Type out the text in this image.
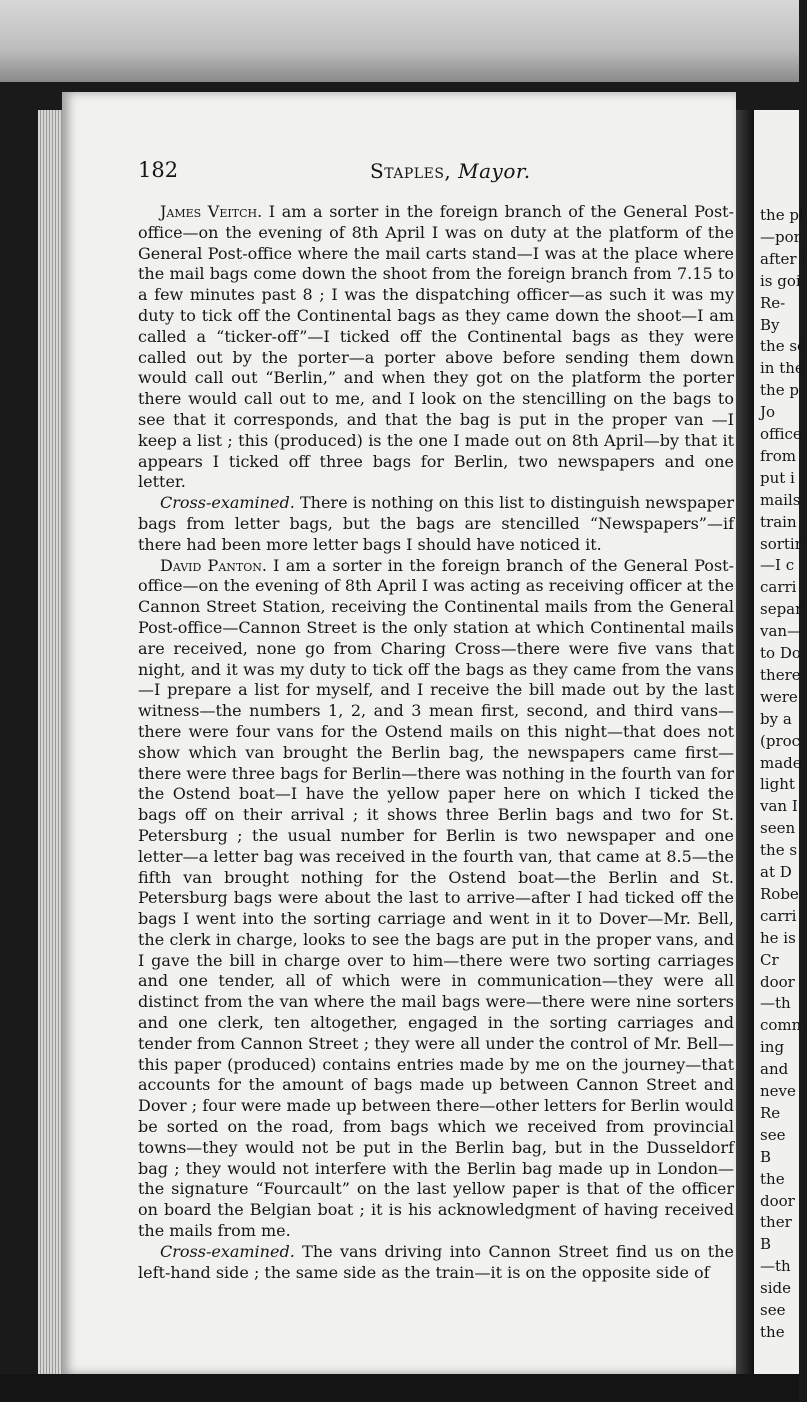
the pl
—por
after t
is goi
Re-
By
the sc
in the
the p
Jo
office
from
put i
mails
train
sortir
—I c
carri
separ
van—
to Do
there
were
by a
(proc
made
light
van I
seen
the s
at D
Robe
carri
he is
Cr
door
—th
comn
ing
and
neve
Re
see
B
the
door
ther
B
—th
side
see
the
182	Staples, Mayor.

James Veitch. I am a sorter in the foreign branch of the General Post-office—on the evening of 8th April I was on duty at the platform of the General Post-office where the mail carts stand—I was at the place where the mail bags come down the shoot from the foreign branch from 7.15 to a few minutes past 8 ; I was the dispatching officer—as such it was my duty to tick off the Continental bags as they came down the shoot—I am called a “ticker-off”—I ticked off the Continental bags as they were called out by the porter—a porter above before sending them down would call out “Berlin,” and when they got on the platform the porter there would call out to me, and I look on the stencilling on the bags to see that it corresponds, and that the bag is put in the proper van —I keep a list ; this (produced) is the one I made out on 8th April—by that it appears I ticked off three bags for Berlin, two newspapers and one letter.

Cross-examined. There is nothing on this list to distinguish newspaper bags from letter bags, but the bags are stencilled “Newspapers”—if there had been more letter bags I should have noticed it.

David Panton. I am a sorter in the foreign branch of the General Post-office—on the evening of 8th April I was acting as receiving officer at the Cannon Street Station, receiving the Continental mails from the General Post-office—Cannon Street is the only station at which Continental mails are received, none go from Charing Cross—there were five vans that night, and it was my duty to tick off the bags as they came from the vans—I prepare a list for myself, and I receive the bill made out by the last witness—the numbers 1, 2, and 3 mean first, second, and third vans—there were four vans for the Ostend mails on this night—that does not show which van brought the Berlin bag, the newspapers came first—there were three bags for Berlin—there was nothing in the fourth van for the Ostend boat—I have the yellow paper here on which I ticked the bags off on their arrival ; it shows three Berlin bags and two for St. Petersburg ; the usual number for Berlin is two newspaper and one letter—a letter bag was received in the fourth van, that came at 8.5—the fifth van brought nothing for the Ostend boat—the Berlin and St. Petersburg bags were about the last to arrive—after I had ticked off the bags I went into the sorting carriage and went in it to Dover—Mr. Bell, the clerk in charge, looks to see the bags are put in the proper vans, and I gave the bill in charge over to him—there were two sorting carriages and one tender, all of which were in communication—they were all distinct from the van where the mail bags were—there were nine sorters and one clerk, ten altogether, engaged in the sorting carriages and tender from Cannon Street ; they were all under the control of Mr. Bell—this paper (produced) contains entries made by me on the journey—that accounts for the amount of bags made up between Cannon Street and Dover ; four were made up between there—other letters for Berlin would be sorted on the road, from bags which we received from provincial towns—they would not be put in the Berlin bag, but in the Dusseldorf bag ; they would not interfere with the Berlin bag made up in London—the signature “Fourcault” on the last yellow paper is that of the officer on board the Belgian boat ; it is his acknowledgment of having received the mails from me.

Cross-examined. The vans driving into Cannon Street find us on the left-hand side ; the same side as the train—it is on the opposite side of
